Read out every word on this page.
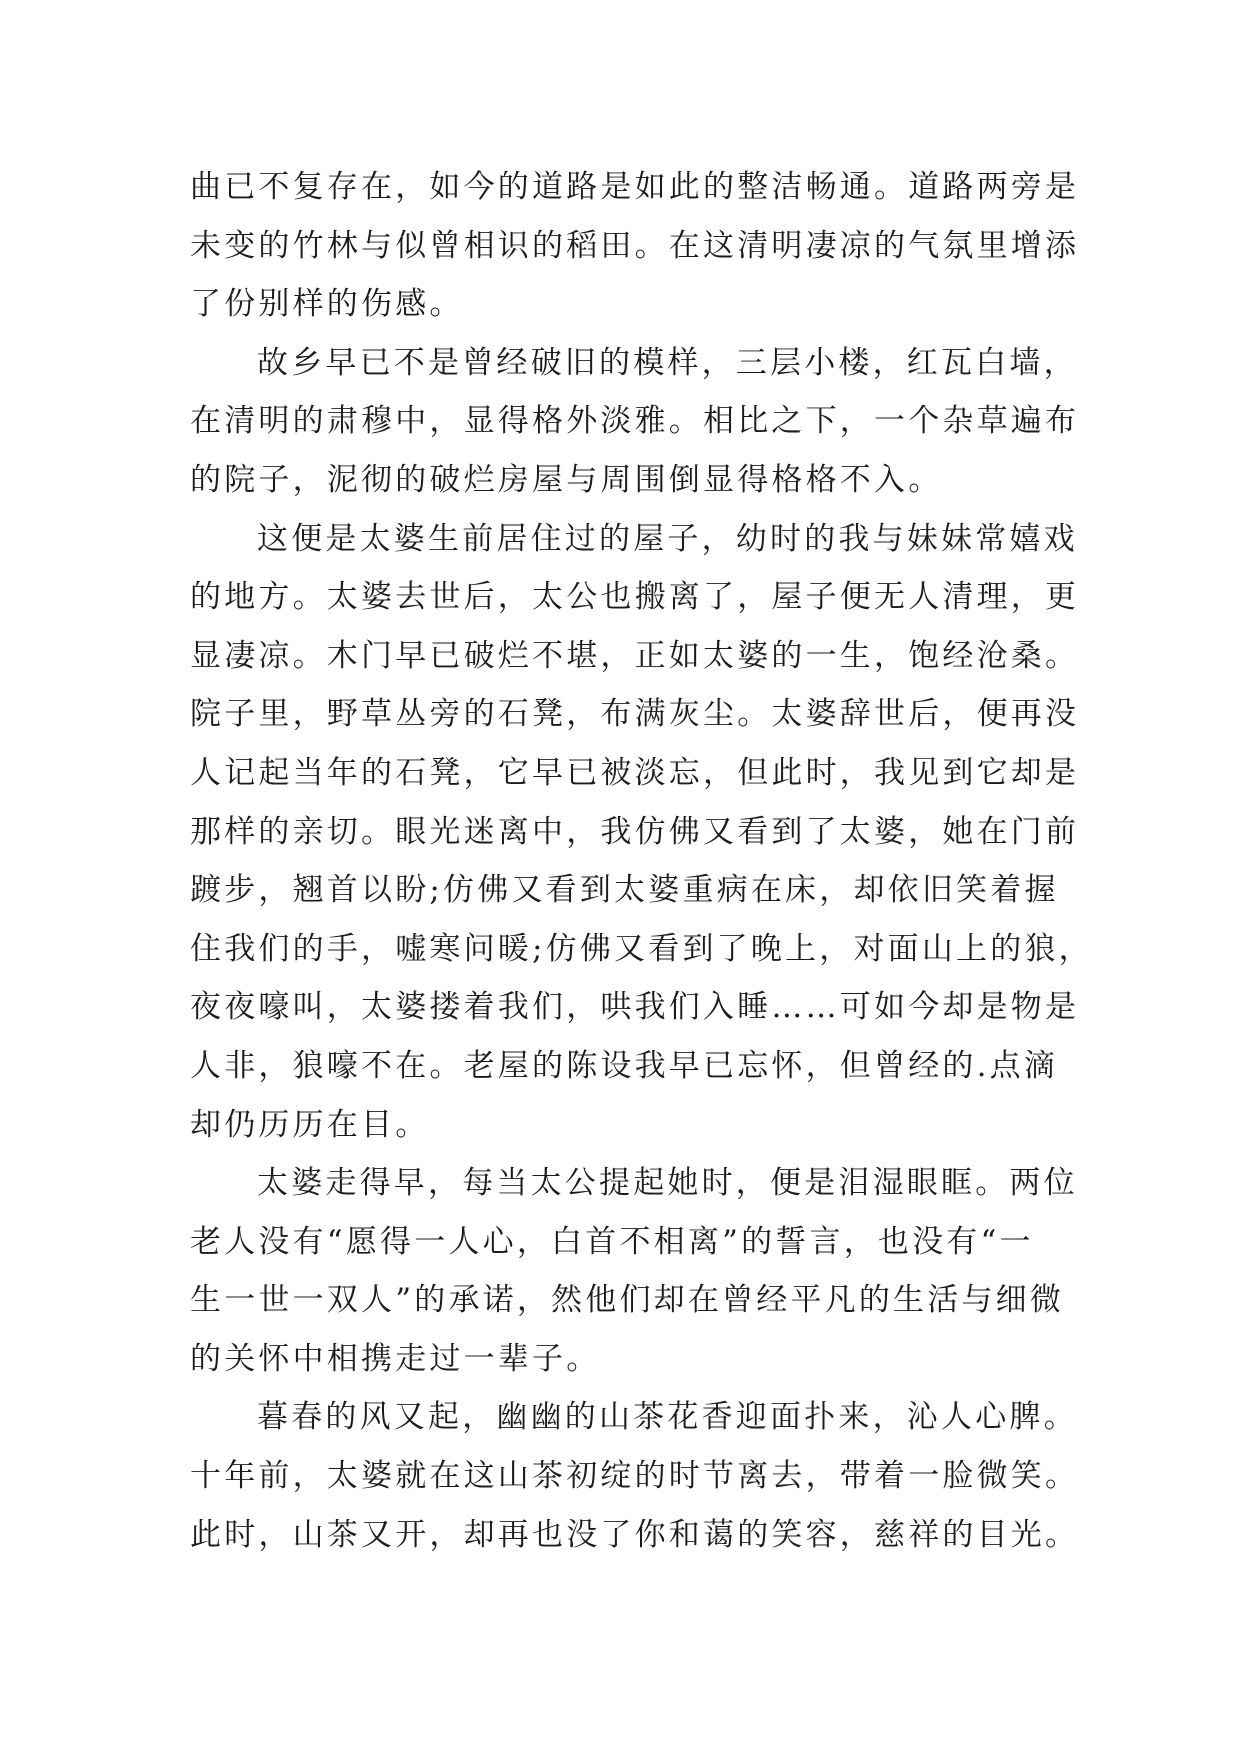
曲已不复存在，如今的道路是如此的整洁畅通。道路两旁是
未变的竹林与似曾相识的稻田。在这清明凄凉的气氛里增添
了份别样的伤感。
故乡早已不是曾经破旧的模样，三层小楼，红瓦白墙，
在清明的肃穆中，显得格外淡雅。相比之下，一个杂草遍布
的院子，泥彻的破烂房屋与周围倒显得格格不入。
这便是太婆生前居住过的屋子，幼时的我与妹妹常嬉戏
的地方。太婆去世后，太公也搬离了，屋子便无人清理，更
显凄凉。木门早已破烂不堪，正如太婆的一生，饱经沧桑。
院子里，野草丛旁的石凳，布满灰尘。太婆辞世后，便再没
人记起当年的石凳，它早已被淡忘，但此时，我见到它却是
那样的亲切。眼光迷离中，我仿佛又看到了太婆，她在门前
踱步，翘首以盼;仿佛又看到太婆重病在床，却依旧笑着握
住我们的手，嘘寒问暖;仿佛又看到了晚上，对面山上的狼，
夜夜嚎叫，太婆搂着我们，哄我们入睡……可如今却是物是
人非，狼嚎不在。老屋的陈设我早已忘怀，但曾经的.点滴
却仍历历在目。
太婆走得早，每当太公提起她时，便是泪湿眼眶。两位
老人没有“愿得一人心，白首不相离”的誓言，也没有“一
生一世一双人”的承诺，然他们却在曾经平凡的生活与细微
的关怀中相携走过一辈子。
暮春的风又起，幽幽的山茶花香迎面扑来，沁人心脾。
十年前，太婆就在这山茶初绽的时节离去，带着一脸微笑。
此时，山茶又开，却再也没了你和蔼的笑容，慈祥的目光。
